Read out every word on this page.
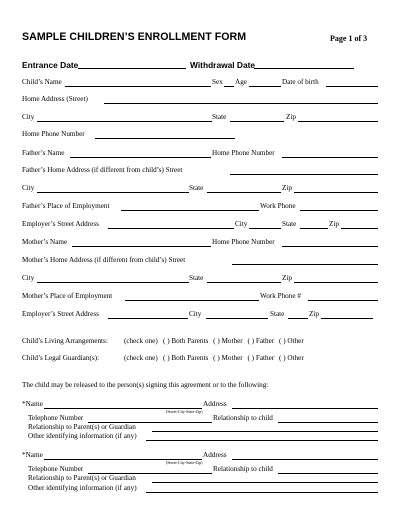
SAMPLE CHILDREN’S ENROLLMENT FORM	Page 1 of 3
Entrance Date	Withdrawal Date
Child’s Name	Sex Age	Date of birth
Home Address (Street)
City	State	Zip
Home Phone Number
Father’s Name	Home Phone Number
Father’s Home Address (if different from child’s) Street
City	State	Zip
Father’s Place of Employment	Work Phone
Employer’s Street Address	City	State	Zip
Mother’s Name	Home Phone Number
Mother’s Home Address (if different from child’s) Street
City	State	Zip
Mother’s Place of Employment	Work Phone #
Employer’s Street Address	City	State	Zip
Child’s Living Arrangements: (check one) ( ) Both Parents ( ) Mother ( ) Father ( ) Other
Child’s Legal Guardian(s):	(check one) ( ) Both Parents ( ) Mother ( ) Father ( ) Other
The child may be released to the person(s) signing this agreement or to the following:
*Name	Address
(Street-City-State-Zip)
Telephone Number	Relationship to child
Relationship to Parent(s) or Guardian
Other identifying information (if any)
*Name	Address
(Street-City-State-Zip)
Telephone Number	Relationship to child
Relationship to Parent(s) or Guardian
Other identifying information (if any)
